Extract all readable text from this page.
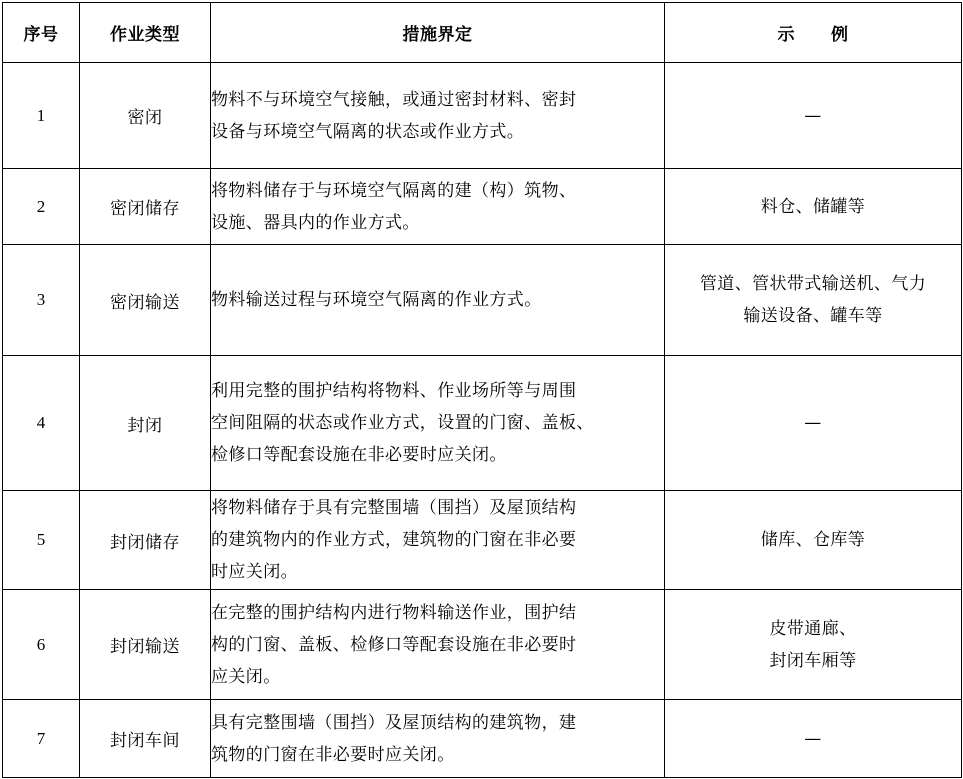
序号	作业类型	措施界定	示 例
1	密闭	物料不与环境空气接触，或通过密封材料、密封
设备与环境空气隔离的状态或作业方式。	—

2	密闭储存	将物料储存于与环境空气隔离的建（构）筑物、
设施、器具内的作业方式。	料仓、储罐等

3	密闭输送	物料输送过程与环境空气隔离的作业方式。	管道、管状带式输送机、气力
输送设备、罐车等

4	封闭	利用完整的围护结构将物料、作业场所等与周围
空间阻隔的状态或作业方式，设置的门窗、盖板、
检修口等配套设施在非必要时应关闭。	—

5	封闭储存	将物料储存于具有完整围墙（围挡）及屋顶结构
的建筑物内的作业方式，建筑物的门窗在非必要
时应关闭。	储库、仓库等

6	封闭输送	在完整的围护结构内进行物料输送作业，围护结
构的门窗、盖板、检修口等配套设施在非必要时
应关闭。	皮带通廊、
封闭车厢等

7	封闭车间	具有完整围墙（围挡）及屋顶结构的建筑物，建
筑物的门窗在非必要时应关闭。	—
